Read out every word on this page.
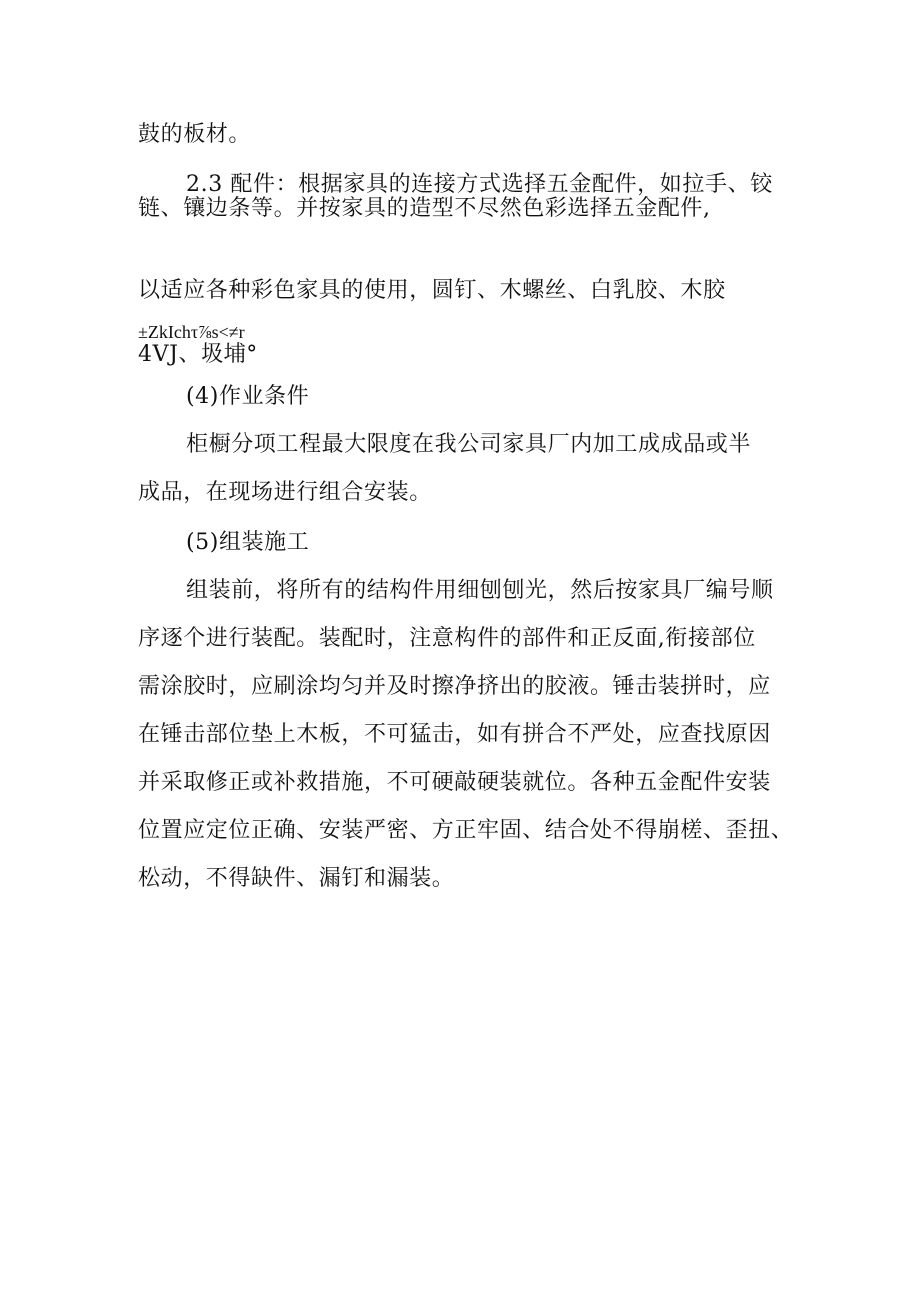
鼓的板材。
2.3 配件：根据家具的连接方式选择五金配件，如拉手、铰
链、镶边条等。并按家具的造型不尽然色彩选择五金配件,
以适应各种彩色家具的使用，圆钉、木螺丝、白乳胶、木胶
±ZkIchτ⅞s<≠r
4VJ、圾埔°
(4)作业条件
柜橱分项工程最大限度在我公司家具厂内加工成成品或半
成品，在现场进行组合安装。
(5)组装施工
组装前，将所有的结构件用细刨刨光，然后按家具厂编号顺
序逐个进行装配。装配时，注意构件的部件和正反面,衔接部位
需涂胶时，应刷涂均匀并及时擦净挤出的胶液。锤击装拼时，应
在锤击部位垫上木板，不可猛击，如有拼合不严处，应查找原因
并采取修正或补救措施，不可硬敲硬装就位。各种五金配件安装
位置应定位正确、安装严密、方正牢固、结合处不得崩槎、歪扭、
松动，不得缺件、漏钉和漏装。
